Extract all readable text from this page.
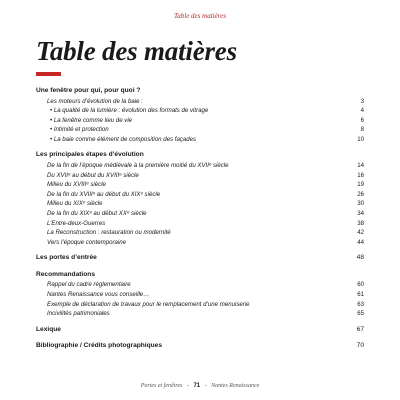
Table des matières
Table des matières
Une fenêtre pour qui, pour quoi ?
Les moteurs d’évolution de la baie :	3
• La qualité de la lumière : évolution des formats de vitrage	4
• La fenêtre comme lieu de vie	6
• Intimité et protection	8
• La baie comme élément de composition des façades	10
Les principales étapes d’évolution
De la fin de l’époque médiévale à la première moitié du XVIIᵉ siècle	14
Du XVIIᵉ au début du XVIIIᵉ siècle	16
Milieu du XVIIIᵉ siècle	19
De la fin du XVIIIᵉ au début du XIXᵉ siècle	26
Milieu du XIXᵉ siècle	30
De la fin du XIXᵉ au début XXᵉ siècle	34
L’Entre-deux-Guerres	38
La Reconstruction : restauration ou modernité	42
Vers l’époque contemporaine	44
Les portes d’entrée	48
Recommandations
Rappel du cadre réglementaire	60
Nantes Renaissance vous conseille…	61
Exemple de déclaration de travaux pour le remplacement d’une menuiserie	63
Incivilités patrimoniales	65
Lexique	67
Bibliographie / Crédits photographiques	70
Portes et fenêtres - 71 - Nantes Renaissance
